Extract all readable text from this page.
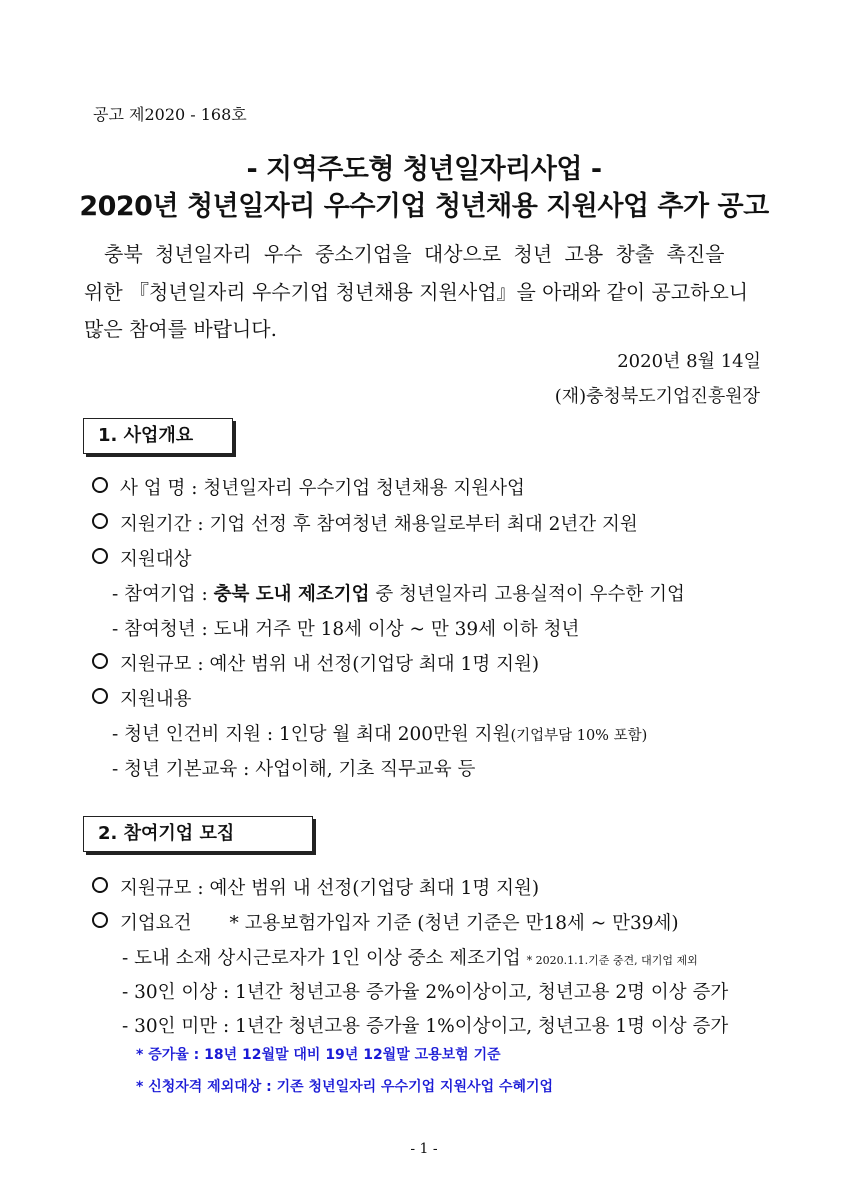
공고 제2020 - 168호
- 지역주도형 청년일자리사업 -
2020년 청년일자리 우수기업 청년채용 지원사업 추가 공고
충북 청년일자리 우수 중소기업을 대상으로 청년 고용 창출 촉진을
위한 『청년일자리 우수기업 청년채용 지원사업』을 아래와 같이 공고하오니
많은 참여를 바랍니다.
2020년 8월 14일
(재)충청북도기업진흥원장
1. 사업개요
사 업 명 : 청년일자리 우수기업 청년채용 지원사업
지원기간 : 기업 선정 후 참여청년 채용일로부터 최대 2년간 지원
지원대상
- 참여기업 : 충북 도내 제조기업 중 청년일자리 고용실적이 우수한 기업
- 참여청년 : 도내 거주 만 18세 이상 ~ 만 39세 이하 청년
지원규모 : 예산 범위 내 선정(기업당 최대 1명 지원)
지원내용
- 청년 인건비 지원 : 1인당 월 최대 200만원 지원(기업부담 10% 포함)
- 청년 기본교육 : 사업이해, 기초 직무교육 등
2. 참여기업 모집
지원규모 : 예산 범위 내 선정(기업당 최대 1명 지원)
기업요건 * 고용보험가입자 기준 (청년 기준은 만18세 ~ 만39세)
- 도내 소재 상시근로자가 1인 이상 중소 제조기업 * 2020.1.1.기준 중견, 대기업 제외
- 30인 이상 : 1년간 청년고용 증가율 2%이상이고, 청년고용 2명 이상 증가
- 30인 미만 : 1년간 청년고용 증가율 1%이상이고, 청년고용 1명 이상 증가
* 증가율 : 18년 12월말 대비 19년 12월말 고용보험 기준
* 신청자격 제외대상 : 기존 청년일자리 우수기업 지원사업 수혜기업
- 1 -
